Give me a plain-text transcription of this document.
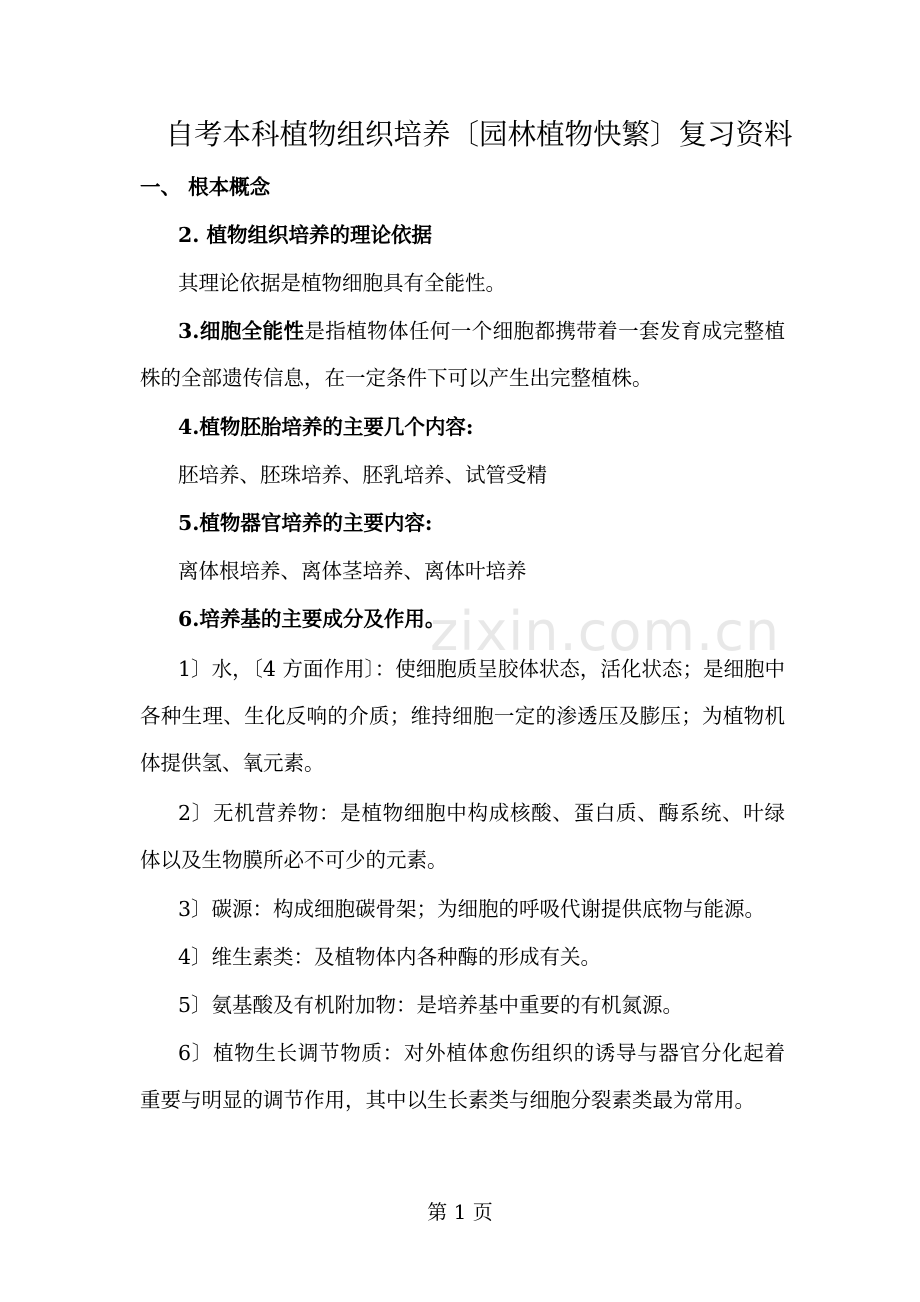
自考本科植物组织培养〔园林植物快繁〕复习资料
一、 根本概念
2. 植物组织培养的理论依据
其理论依据是植物细胞具有全能性。
3.细胞全能性是指植物体任何一个细胞都携带着一套发育成完整植株的全部遗传信息，在一定条件下可以产生出完整植株。
4.植物胚胎培养的主要几个内容:
胚培养、胚珠培养、胚乳培养、试管受精
5.植物器官培养的主要内容:
离体根培养、离体茎培养、离体叶培养
6.培养基的主要成分及作用。
zixin.com.cn
1〕水，〔4 方面作用〕：使细胞质呈胶体状态，活化状态；是细胞中各种生理、生化反响的介质；维持细胞一定的渗透压及膨压；为植物机体提供氢、氧元素。
2〕无机营养物：是植物细胞中构成核酸、蛋白质、酶系统、叶绿体以及生物膜所必不可少的元素。
3〕碳源：构成细胞碳骨架；为细胞的呼吸代谢提供底物与能源。
4〕维生素类：及植物体内各种酶的形成有关。
5〕氨基酸及有机附加物：是培养基中重要的有机氮源。
6〕植物生长调节物质：对外植体愈伤组织的诱导与器官分化起着重要与明显的调节作用，其中以生长素类与细胞分裂素类最为常用。
第 1 页
